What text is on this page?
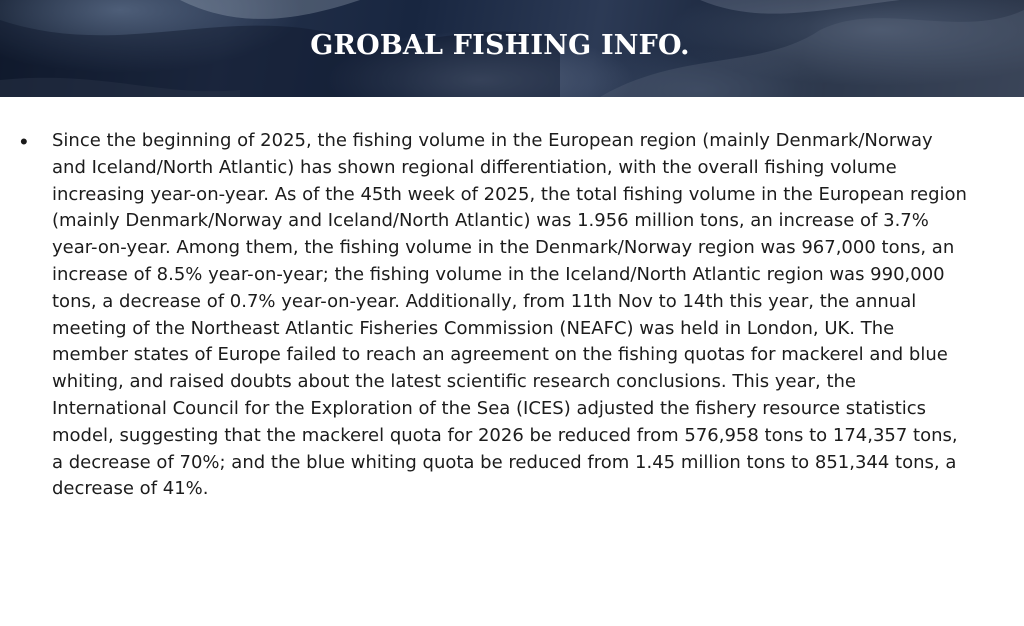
GROBAL FISHING INFO.
•	Since the beginning of 2025, the fishing volume in the European region (mainly Denmark/Norway and Iceland/North Atlantic) has shown regional differentiation, with the overall fishing volume increasing year-on-year. As of the 45th week of 2025, the total fishing volume in the European region (mainly Denmark/Norway and Iceland/North Atlantic) was 1.956 million tons, an increase of 3.7% year-on-year. Among them, the fishing volume in the Denmark/Norway region was 967,000 tons, an increase of 8.5% year-on-year; the fishing volume in the Iceland/North Atlantic region was 990,000 tons, a decrease of 0.7% year-on-year. Additionally, from 11th Nov to 14th this year, the annual meeting of the Northeast Atlantic Fisheries Commission (NEAFC) was held in London, UK. The member states of Europe failed to reach an agreement on the fishing quotas for mackerel and blue whiting, and raised doubts about the latest scientific research conclusions. This year, the International Council for the Exploration of the Sea (ICES) adjusted the fishery resource statistics model, suggesting that the mackerel quota for 2026 be reduced from 576,958 tons to 174,357 tons, a decrease of 70%; and the blue whiting quota be reduced from 1.45 million tons to 851,344 tons, a decrease of 41%.
